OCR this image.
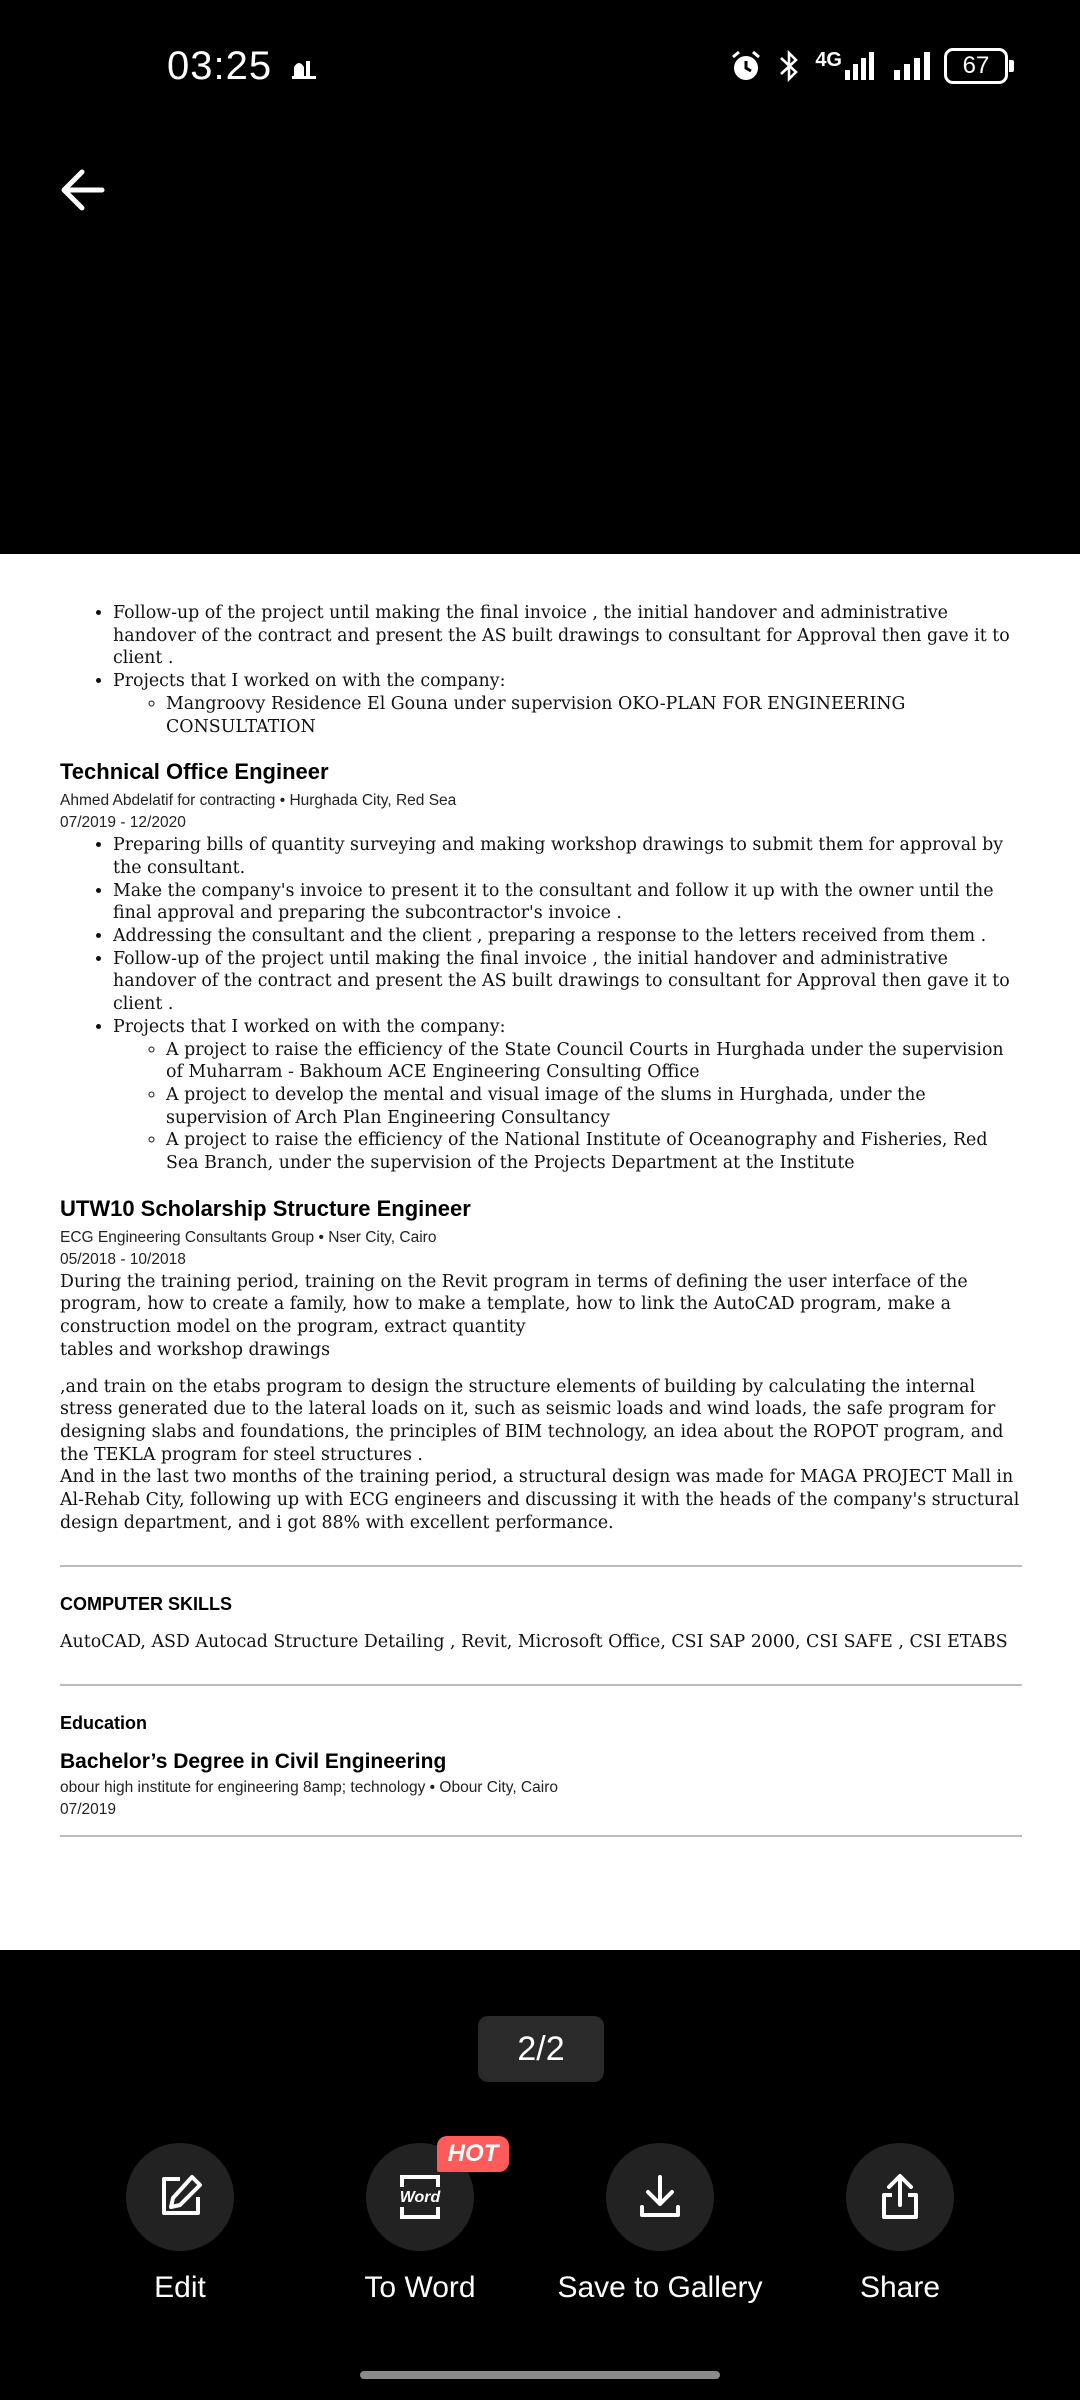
03:25	4G	67
• Follow-up of the project until making the final invoice , the initial handover and administrative handover of the contract and present the AS built drawings to consultant for Approval then gave it to client .
• Projects that I worked on with the company:
◦ Mangroovy Residence El Gouna under supervision OKO-PLAN FOR ENGINEERING CONSULTATION
Technical Office Engineer
Ahmed Abdelatif for contracting • Hurghada City, Red Sea
07/2019 - 12/2020
• Preparing bills of quantity surveying and making workshop drawings to submit them for approval by the consultant.
• Make the company's invoice to present it to the consultant and follow it up with the owner until the final approval and preparing the subcontractor's invoice .
• Addressing the consultant and the client , preparing a response to the letters received from them .
• Follow-up of the project until making the final invoice , the initial handover and administrative handover of the contract and present the AS built drawings to consultant for Approval then gave it to client .
• Projects that I worked on with the company:
◦ A project to raise the efficiency of the State Council Courts in Hurghada under the supervision of Muharram - Bakhoum ACE Engineering Consulting Office
◦ A project to develop the mental and visual image of the slums in Hurghada, under the supervision of Arch Plan Engineering Consultancy
◦ A project to raise the efficiency of the National Institute of Oceanography and Fisheries, Red Sea Branch, under the supervision of the Projects Department at the Institute
UTW10 Scholarship Structure Engineer
ECG Engineering Consultants Group • Nser City, Cairo
05/2018 - 10/2018

During the training period, training on the Revit program in terms of defining the user interface of the program, how to create a family, how to make a template, how to link the AutoCAD program, make a construction model on the program, extract quantity
tables and workshop drawings

,and train on the etabs program to design the structure elements of building by calculating the internal stress generated due to the lateral loads on it, such as seismic loads and wind loads, the safe program for designing slabs and foundations, the principles of BIM technology, an idea about the ROPOT program, and the TEKLA program for steel structures .
And in the last two months of the training period, a structural design was made for MAGA PROJECT Mall in Al-Rehab City, following up with ECG engineers and discussing it with the heads of the company's structural design department, and i got 88% with excellent performance.

COMPUTER SKILLS

AutoCAD, ASD Autocad Structure Detailing , Revit, Microsoft Office, CSI SAP 2000, CSI SAFE , CSI ETABS

Education
Bachelor’s Degree in Civil Engineering
obour high institute for engineering 8amp; technology • Obour City, Cairo
07/2019
2/2
Edit
Word
To Word
HOT
Save to Gallery	Share
